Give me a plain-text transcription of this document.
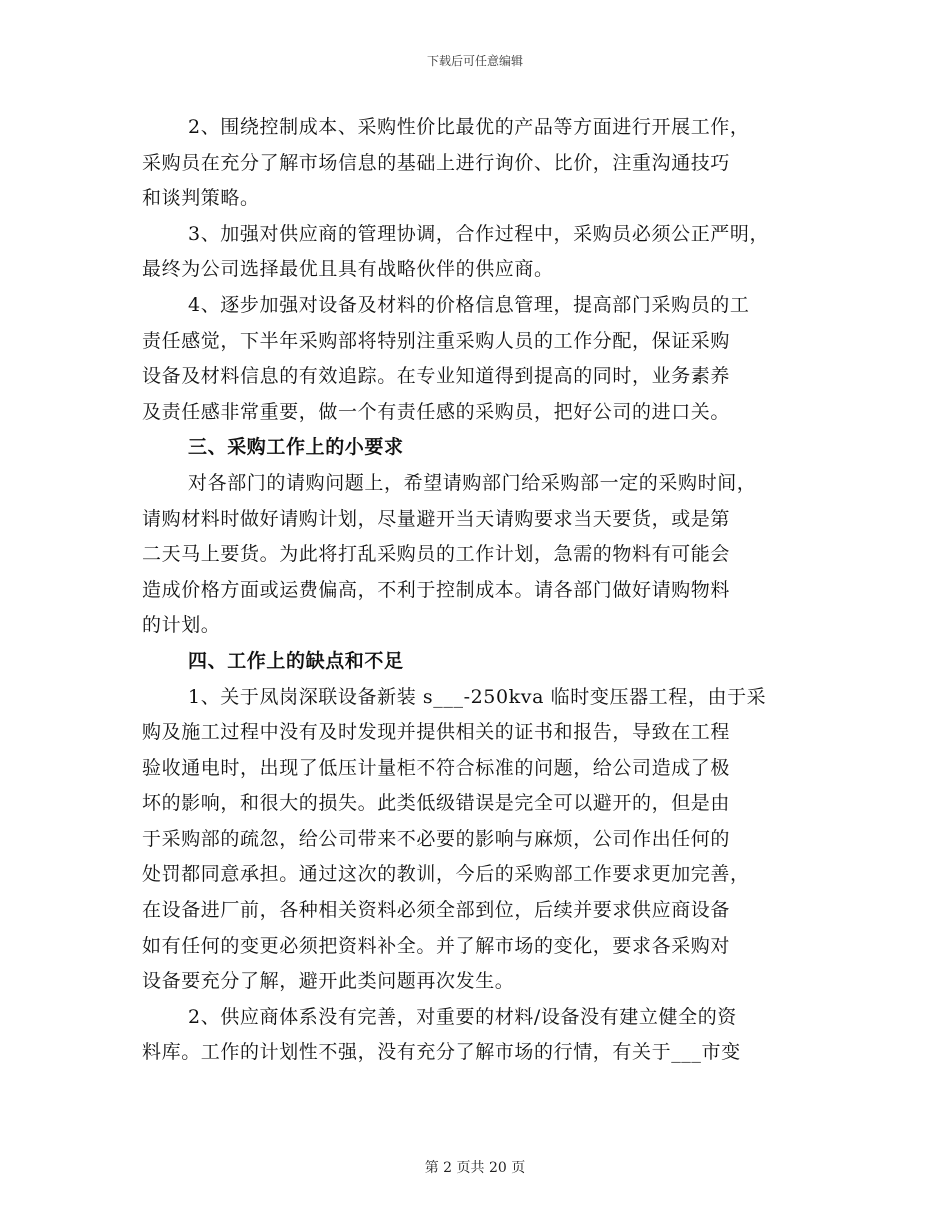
下载后可任意编辑
2、围绕控制成本、采购性价比最优的产品等方面进行开展工作，
采购员在充分了解市场信息的基础上进行询价、比价，注重沟通技巧
和谈判策略。
3、加强对供应商的管理协调，合作过程中，采购员必须公正严明，
最终为公司选择最优且具有战略伙伴的供应商。
4、逐步加强对设备及材料的价格信息管理，提高部门采购员的工
责任感觉，下半年采购部将特别注重采购人员的工作分配，保证采购
设备及材料信息的有效追踪。在专业知道得到提高的同时，业务素养
及责任感非常重要，做一个有责任感的采购员，把好公司的进口关。
三、采购工作上的小要求
对各部门的请购问题上，希望请购部门给采购部一定的采购时间，
请购材料时做好请购计划，尽量避开当天请购要求当天要货，或是第
二天马上要货。为此将打乱采购员的工作计划，急需的物料有可能会
造成价格方面或运费偏高，不利于控制成本。请各部门做好请购物料
的计划。
四、工作上的缺点和不足
1、关于凤岗深联设备新装 s___-250kva 临时变压器工程，由于采
购及施工过程中没有及时发现并提供相关的证书和报告，导致在工程
验收通电时，出现了低压计量柜不符合标准的问题，给公司造成了极
坏的影响，和很大的损失。此类低级错误是完全可以避开的，但是由
于采购部的疏忽，给公司带来不必要的影响与麻烦，公司作出任何的
处罚都同意承担。通过这次的教训，今后的采购部工作要求更加完善，
在设备进厂前，各种相关资料必须全部到位，后续并要求供应商设备
如有任何的变更必须把资料补全。并了解市场的变化，要求各采购对
设备要充分了解，避开此类问题再次发生。
2、供应商体系没有完善，对重要的材料/设备没有建立健全的资
料库。工作的计划性不强，没有充分了解市场的行情，有关于___市变
第 2 页共 20 页
